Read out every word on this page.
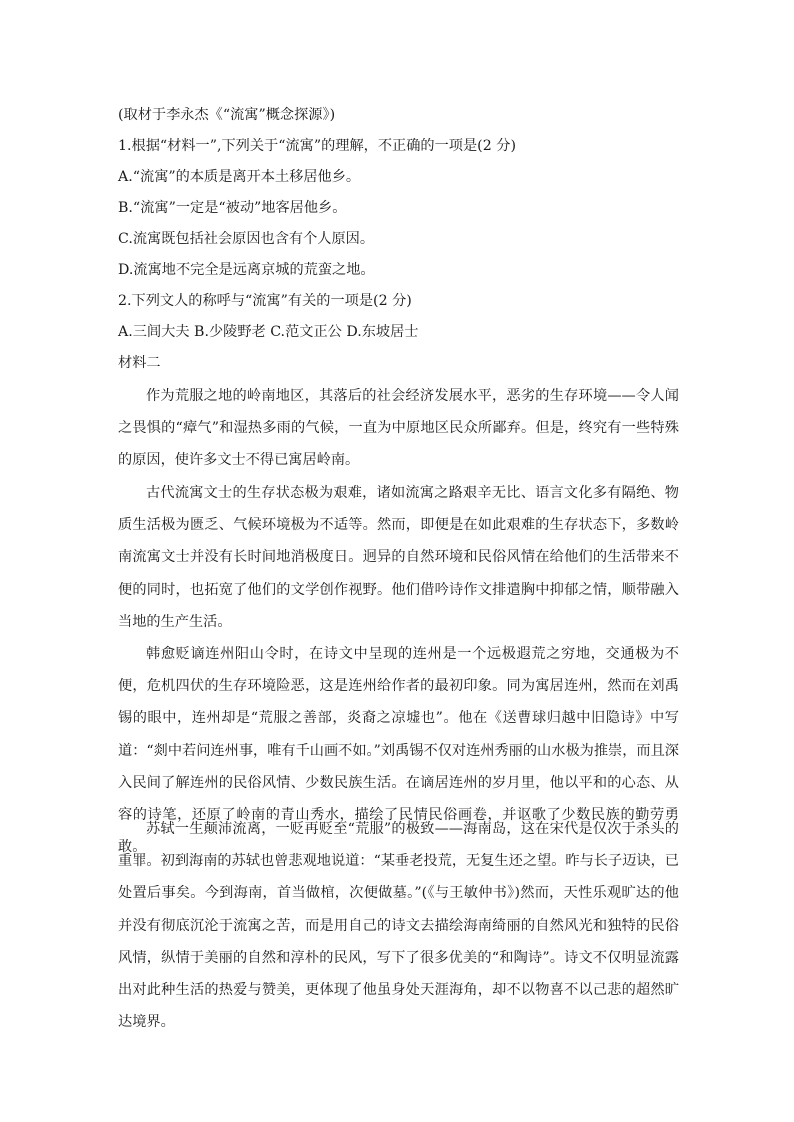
(取材于李永杰《“流寓”概念探源》)
1.根据“材料一”,下列关于“流寓”的理解，不正确的一项是(2 分)
A.“流寓”的本质是离开本土移居他乡。
B.“流寓”一定是“被动”地客居他乡。
C.流寓既包括社会原因也含有个人原因。
D.流寓地不完全是远离京城的荒蛮之地。
2.下列文人的称呼与“流寓”有关的一项是(2 分)
A.三闾大夫 B.少陵野老 C.范文正公 D.东坡居士
材料二

作为荒服之地的岭南地区，其落后的社会经济发展水平，恶劣的生存环境——令人闻之畏惧的“瘴气”和湿热多雨的气候，一直为中原地区民众所鄙弃。但是，终究有一些特殊的原因，使许多文士不得已寓居岭南。

古代流寓文士的生存状态极为艰难，诸如流寓之路艰辛无比、语言文化多有隔绝、物质生活极为匮乏、气候环境极为不适等。然而，即便是在如此艰难的生存状态下，多数岭南流寓文士并没有长时间地消极度日。迥异的自然环境和民俗风情在给他们的生活带来不便的同时，也拓宽了他们的文学创作视野。他们借吟诗作文排遣胸中抑郁之情，顺带融入当地的生产生活。

韩愈贬谪连州阳山令时，在诗文中呈现的连州是一个远极遐荒之穷地，交通极为不便，危机四伏的生存环境险恶，这是连州给作者的最初印象。同为寓居连州，然而在刘禹锡的眼中，连州却是“荒服之善部，炎裔之凉墟也”。他在《送曹球归越中旧隐诗》中写道：“剡中若问连州事，唯有千山画不如。”刘禹锡不仅对连州秀丽的山水极为推崇，而且深入民间了解连州的民俗风情、少数民族生活。在谪居连州的岁月里，他以平和的心态、从容的诗笔，还原了岭南的青山秀水，描绘了民情民俗画卷，并讴歌了少数民族的勤劳勇敢。

苏轼一生颠沛流离，一贬再贬至“荒服”的极致——海南岛，这在宋代是仅次于杀头的重罪。初到海南的苏轼也曾悲观地说道：“某垂老投荒，无复生还之望。昨与长子迈诀，已处置后事矣。今到海南，首当做棺，次便做墓。”(《与王敏仲书》)然而，天性乐观旷达的他并没有彻底沉沦于流寓之苦，而是用自己的诗文去描绘海南绮丽的自然风光和独特的民俗风情，纵情于美丽的自然和淳朴的民风，写下了很多优美的“和陶诗”。诗文不仅明显流露出对此种生活的热爱与赞美，更体现了他虽身处天涯海角，却不以物喜不以己悲的超然旷达境界。
